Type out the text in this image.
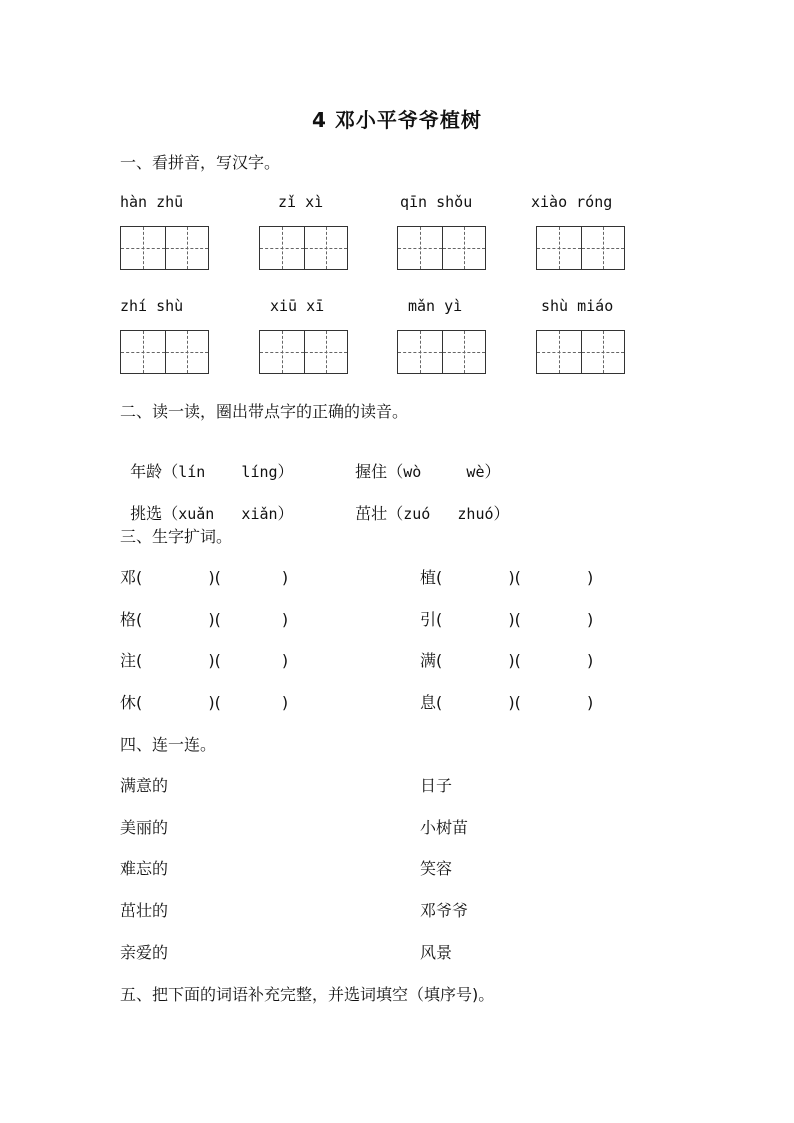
4 邓小平爷爷植树
一、看拼音，写汉字。
hàn zhū	zǐ xì	qīn shǒu	xiào róng
zhí shù	xiū xī	mǎn yì	shù miáo
二、读一读，圈出带点字的正确的读音。

年龄（lín líng）	握住（wò	wè）

挑选（xuǎn xiǎn）	茁壮（zuó zhuó）

三、生字扩词。
邓(             )(            )	植(             )(             )
格(             )(            )	引(             )(             )
注(             )(            )	满(             )(             )
休(             )(            )	息(             )(             )
四、连一连。
满意的	日子
美丽的	小树苗
难忘的	笑容
茁壮的	邓爷爷
亲爱的	风景
五、把下面的词语补充完整，并选词填空（填序号)。
